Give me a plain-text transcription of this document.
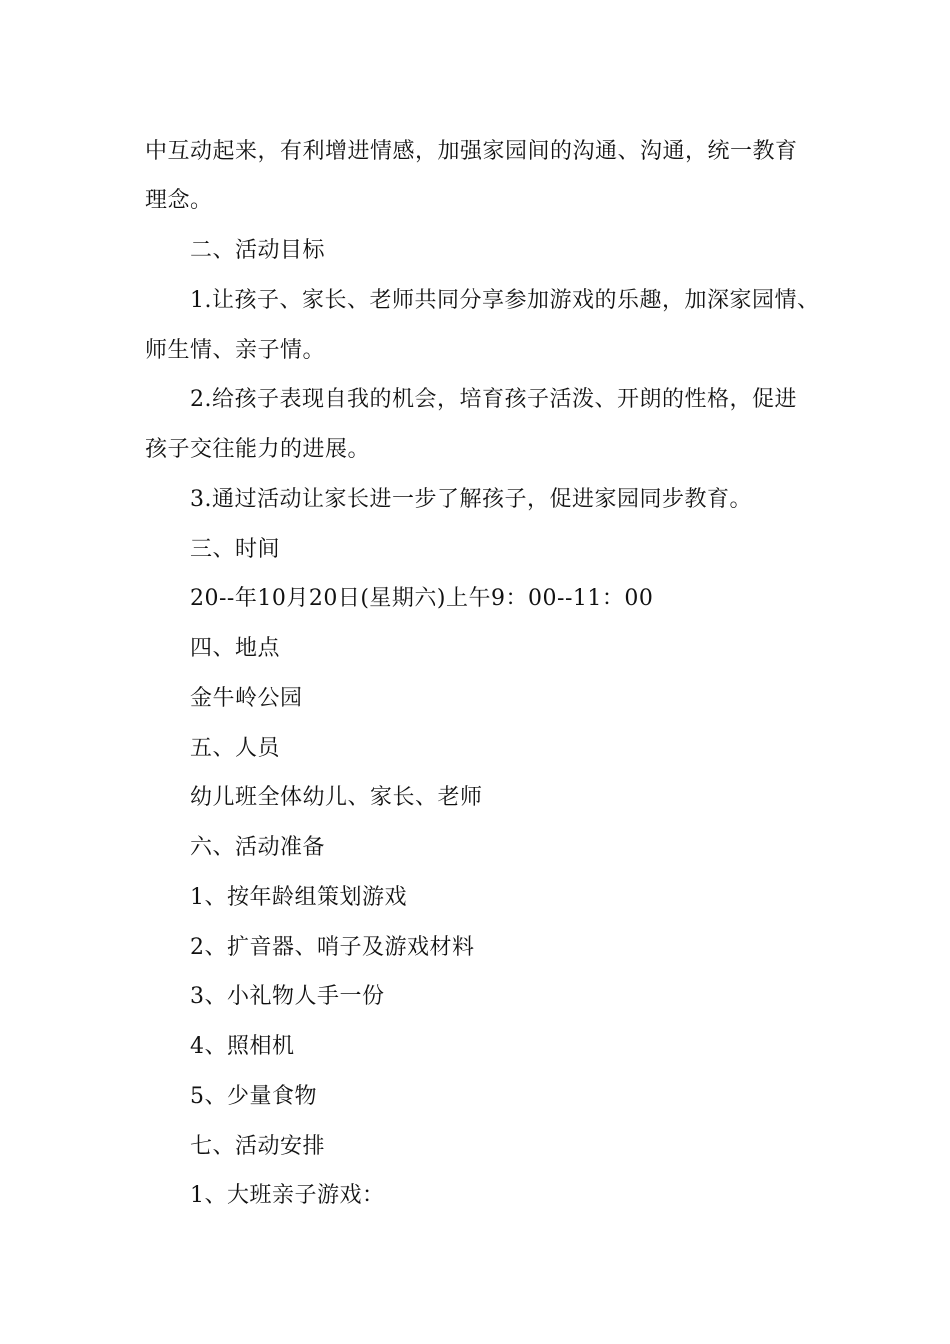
中互动起来，有利增进情感，加强家园间的沟通、沟通，统一教育
理念。
二、活动目标
1.让孩子、家长、老师共同分享参加游戏的乐趣，加深家园情、
师生情、亲子情。
2.给孩子表现自我的机会，培育孩子活泼、开朗的性格，促进
孩子交往能力的进展。
3.通过活动让家长进一步了解孩子，促进家园同步教育。
三、时间
20--年10月20日(星期六)上午9：00--11：00
四、地点
金牛岭公园
五、人员
幼儿班全体幼儿、家长、老师
六、活动准备
1、按年龄组策划游戏
2、扩音器、哨子及游戏材料
3、小礼物人手一份
4、照相机
5、少量食物
七、活动安排
1、大班亲子游戏：
